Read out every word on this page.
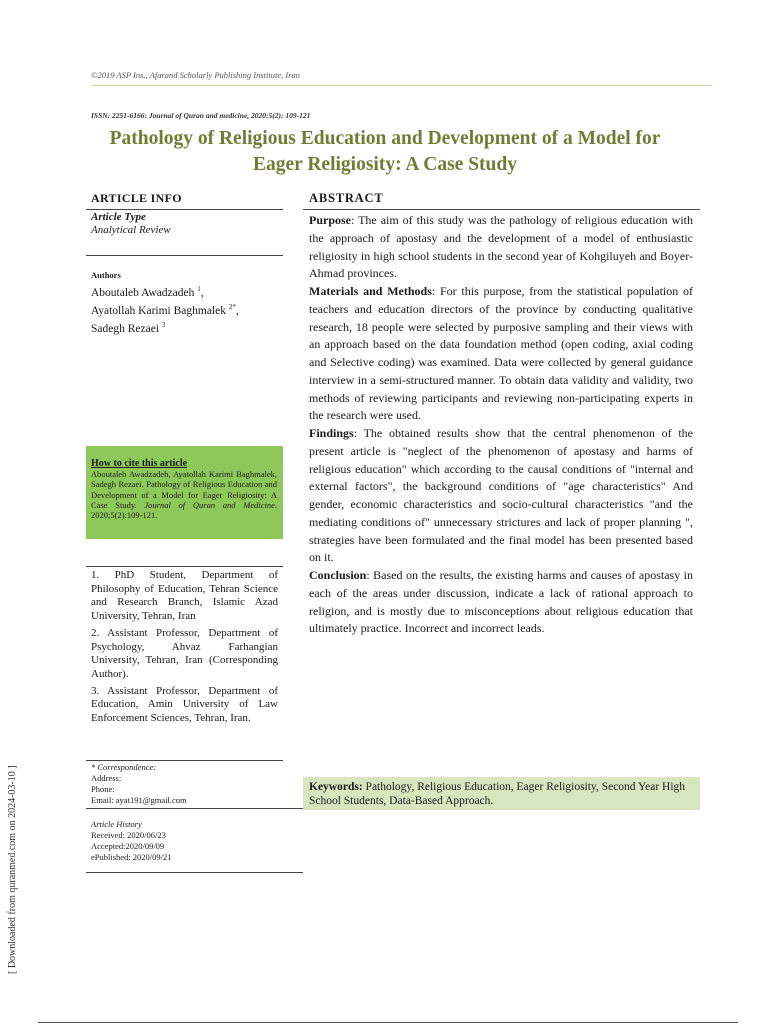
©2019 ASP Ins., Afarand Scholarly Publishing Institute, Iran
ISSN: 2251-6166: Journal of Quran and medicine, 2020:5(2): 109-121
Pathology of Religious Education and Development of a Model for
Eager Religiosity: A Case Study
ARTICLE INFO
Article Type
Analytical Review
Authors
Aboutaleb Awadzadeh $^1$,
Ayatollah Karimi Baghmalek $^{2*}$,
Sadegh Rezaei $^3$
How to cite this article
Aboutaleb Awadzadeh, Ayatollah Karimi Baghmalek, Sadegh Rezaei. Pathology of Religious Education and Development of a Model for Eager Religiosity: A Case Study. Journal of Quran and Medicine. 2020;5(2):109-121.

1. PhD Student, Department of Philosophy of Education, Tehran Science and Research Branch, Islamic Azad University, Tehran, Iran

2. Assistant Professor, Department of Psychology, Ahvaz Farhangian University, Tehran, Iran (Corresponding Author).

3. Assistant Professor, Department of Education, Amin University of Law Enforcement Sciences, Tehran, Iran.

* Correspondence:
Address:
Phone:
Email: ayat191@gmail.com
Article History
Received: 2020/06/23
Accepted:2020/09/09
ePublished: 2020/09/21
ABSTRACT

Purpose: The aim of this study was the pathology of religious education with the approach of apostasy and the development of a model of enthusiastic religiosity in high school students in the second year of Kohgiluyeh and Boyer-Ahmad provinces.

Materials and Methods: For this purpose, from the statistical population of teachers and education directors of the province by conducting qualitative research, 18 people were selected by purposive sampling and their views with an approach based on the data foundation method (open coding, axial coding and Selective coding) was examined. Data were collected by general guidance interview in a semi-structured manner. To obtain data validity and validity, two methods of reviewing participants and reviewing non-participating experts in the research were used.

Findings: The obtained results show that the central phenomenon of the present article is "neglect of the phenomenon of apostasy and harms of religious education" which according to the causal conditions of "internal and external factors", the background conditions of "age characteristics" And gender, economic characteristics and socio-cultural characteristics "and the mediating conditions of" unnecessary strictures and lack of proper planning ", strategies have been formulated and the final model has been presented based on it.

Conclusion: Based on the results, the existing harms and causes of apostasy in each of the areas under discussion, indicate a lack of rational approach to religion, and is mostly due to misconceptions about religious education that ultimately practice. Incorrect and incorrect leads.

Keywords: Pathology, Religious Education, Eager Religiosity, Second Year High School Students, Data-Based Approach.
[ Downloaded from quranmed.com on 2024-03-10 ]
